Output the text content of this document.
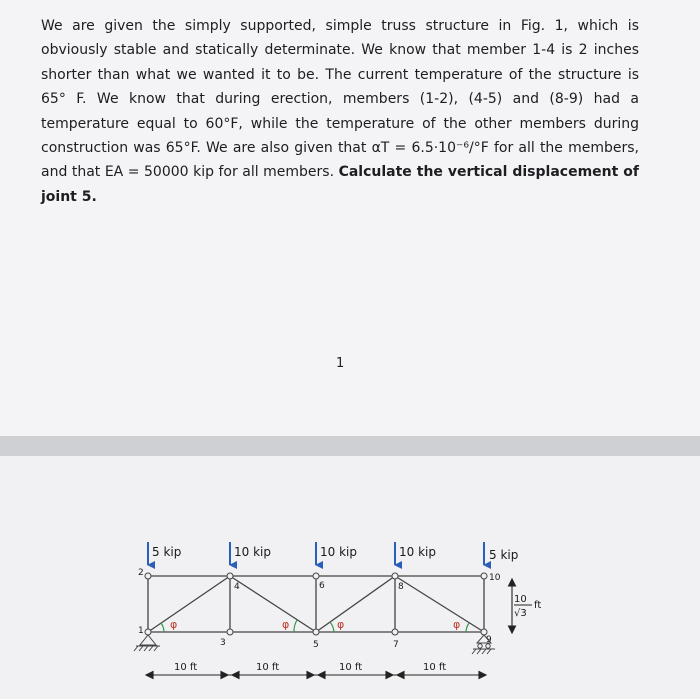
We are given the simply supported, simple truss structure in Fig. 1, which is obviously stable and statically determinate. We know that member 1-4 is 2 inches shorter than what we wanted it to be. The current temperature of the structure is 65° F. We know that during erection, members (1-2), (4-5) and (8-9) had a temperature equal to 60°F, while the temperature of the other members during construction was 65°F. We are also given that αT = 6.5·10⁻⁶/°F for all the members, and that EA = 50000 kip for all members. Calculate the vertical displacement of joint 5.

1
φ	φ	φ	φ
5 kip	10 kip	10 kip	10 kip	5 kip
1
2
3
4
5
6
7
8
9
10
10
√3
ft
10 ft	10 ft	10 ft	10 ft
